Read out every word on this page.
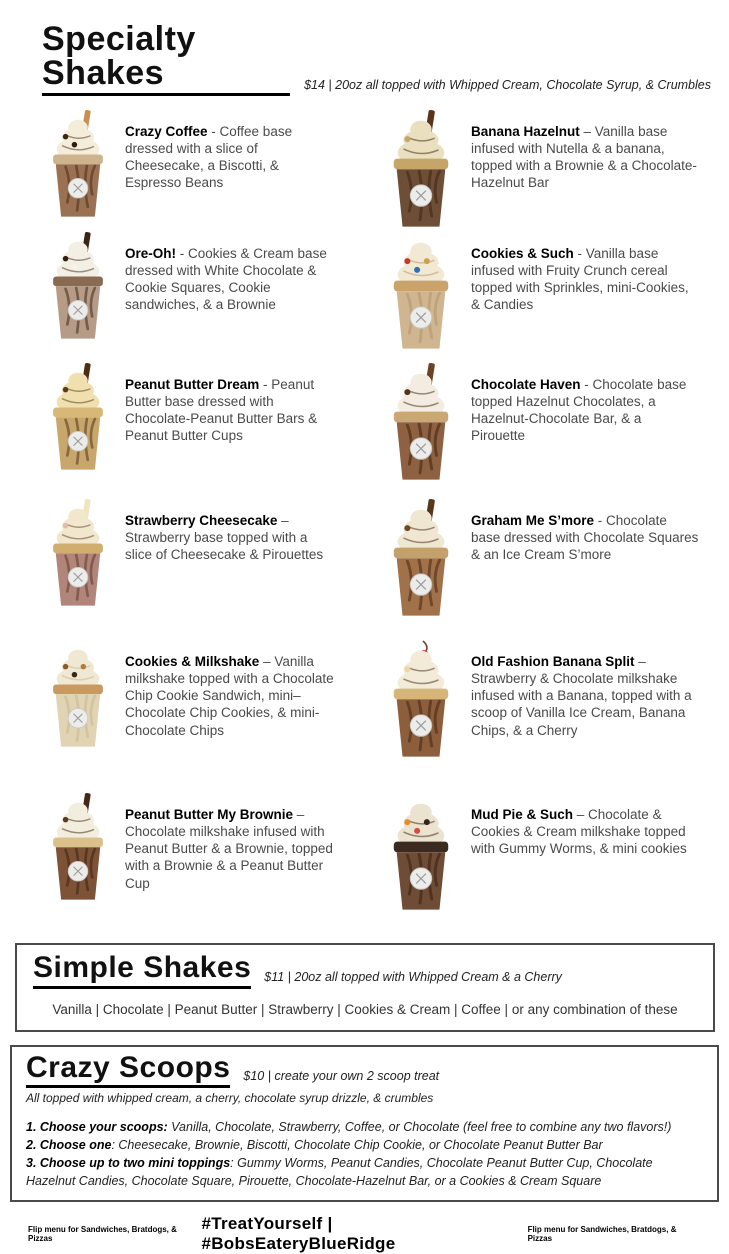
Specialty Shakes	$14 | 20oz all topped with Whipped Cream, Chocolate Syrup, & Crumbles
Crazy Coffee - Coffee base dressed with a slice of Cheesecake, a Biscotti, & Espresso Beans
Banana Hazelnut – Vanilla base infused with Nutella & a banana, topped with a Brownie & a Chocolate-Hazelnut Bar
Ore-Oh! - Cookies & Cream base dressed with White Chocolate & Cookie Squares, Cookie sandwiches, & a Brownie
Cookies & Such - Vanilla base infused with Fruity Crunch cereal topped with Sprinkles, mini-Cookies, & Candies
Peanut Butter Dream - Peanut Butter base dressed with Chocolate-Peanut Butter Bars & Peanut Butter Cups
Chocolate Haven - Chocolate base topped Hazelnut Chocolates, a Hazelnut-Chocolate Bar, & a Pirouette
Strawberry Cheesecake – Strawberry base topped with a slice of Cheesecake & Pirouettes
Graham Me S’more - Chocolate base dressed with Chocolate Squares & an Ice Cream S’more
Cookies & Milkshake – Vanilla milkshake topped with a Chocolate Chip Cookie Sandwich, mini–Chocolate Chip Cookies, & mini-Chocolate Chips
Old Fashion Banana Split – Strawberry & Chocolate milkshake infused with a Banana, topped with a scoop of Vanilla Ice Cream, Banana Chips, & a Cherry
Peanut Butter My Brownie – Chocolate milkshake infused with Peanut Butter & a Brownie, topped with a Brownie & a Peanut Butter Cup
Mud Pie & Such – Chocolate & Cookies & Cream milkshake topped with Gummy Worms, & mini cookies
Simple Shakes $11 | 20oz all topped with Whipped Cream & a Cherry
Vanilla | Chocolate | Peanut Butter | Strawberry | Cookies & Cream | Coffee | or any combination of these
Crazy Scoops $10 | create your own 2 scoop treat
All topped with whipped cream, a cherry, chocolate syrup drizzle, & crumbles
1. Choose your scoops: Vanilla, Chocolate, Strawberry, Coffee, or Chocolate (feel free to combine any two flavors!)
2. Choose one: Cheesecake, Brownie, Biscotti, Chocolate Chip Cookie, or Chocolate Peanut Butter Bar
3. Choose up to two mini toppings: Gummy Worms, Peanut Candies, Chocolate Peanut Butter Cup, Chocolate Hazelnut Candies, Chocolate Square, Pirouette, Chocolate-Hazelnut Bar, or a Cookies & Cream Square
Flip menu for Sandwiches, Bratdogs, & Pizzas
#TreatYourself | #BobsEateryBlueRidge
Flip menu for Sandwiches, Bratdogs, & Pizzas
